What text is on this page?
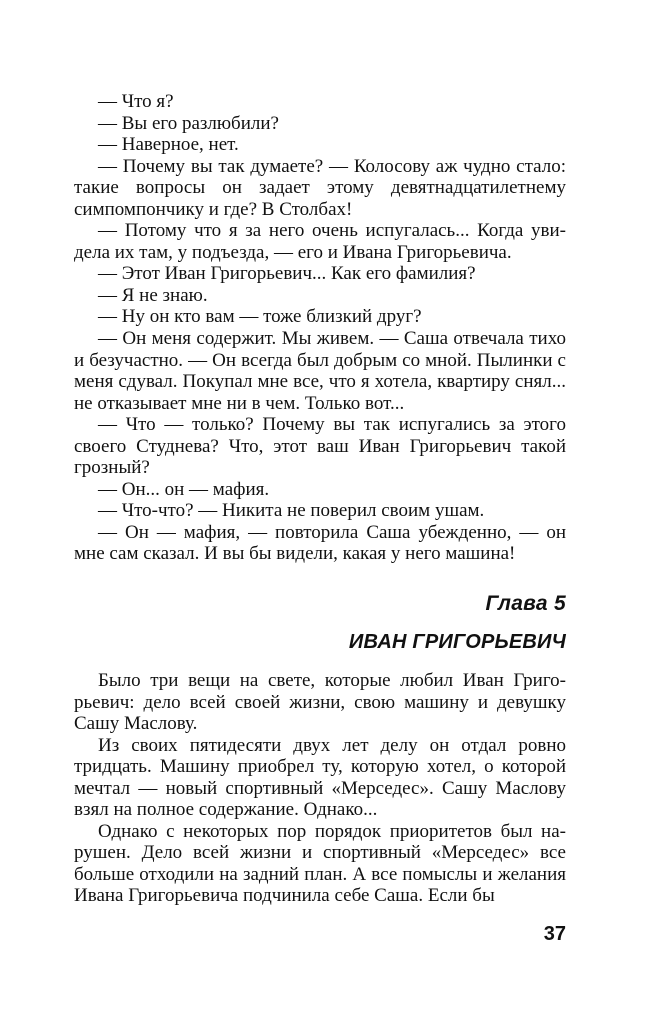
— Что я?

— Вы его разлюбили?

— Наверное, нет.

— Почему вы так думаете? — Колосову аж чудно стало: такие вопросы он задает этому девятнадцатилетнему симпомпончику и где? В Столбах!

— Потому что я за него очень испугалась... Когда увидела их там, у подъезда, — его и Ивана Григорьевича.

— Этот Иван Григорьевич... Как его фамилия?

— Я не знаю.

— Ну он кто вам — тоже близкий друг?

— Он меня содержит. Мы живем. — Саша отвечала тихо и безучастно. — Он всегда был добрым со мной. Пылинки с меня сдувал. Покупал мне все, что я хотела, квартиру снял... не отказывает мне ни в чем. Только вот...

— Что — только? Почему вы так испугались за этого своего Студнева? Что, этот ваш Иван Григорьевич такой грозный?

— Он... он — мафия.

— Что-что? — Никита не поверил своим ушам.

— Он — мафия, — повторила Саша убежденно, — он мне сам сказал. И вы бы видели, какая у него машина!

Глава 5
ИВАН ГРИГОРЬЕВИЧ

Было три вещи на свете, которые любил Иван Григорьевич: дело всей своей жизни, свою машину и девушку Сашу Маслову.

Из своих пятидесяти двух лет делу он отдал ровно тридцать. Машину приобрел ту, которую хотел, о которой мечтал — новый спортивный «Мерседес». Сашу Маслову взял на полное содержание. Однако...

Однако с некоторых пор порядок приоритетов был нарушен. Дело всей жизни и спортивный «Мерседес» все больше отходили на задний план. А все помыслы и желания Ивана Григорьевича подчинила себе Саша. Если бы

37
